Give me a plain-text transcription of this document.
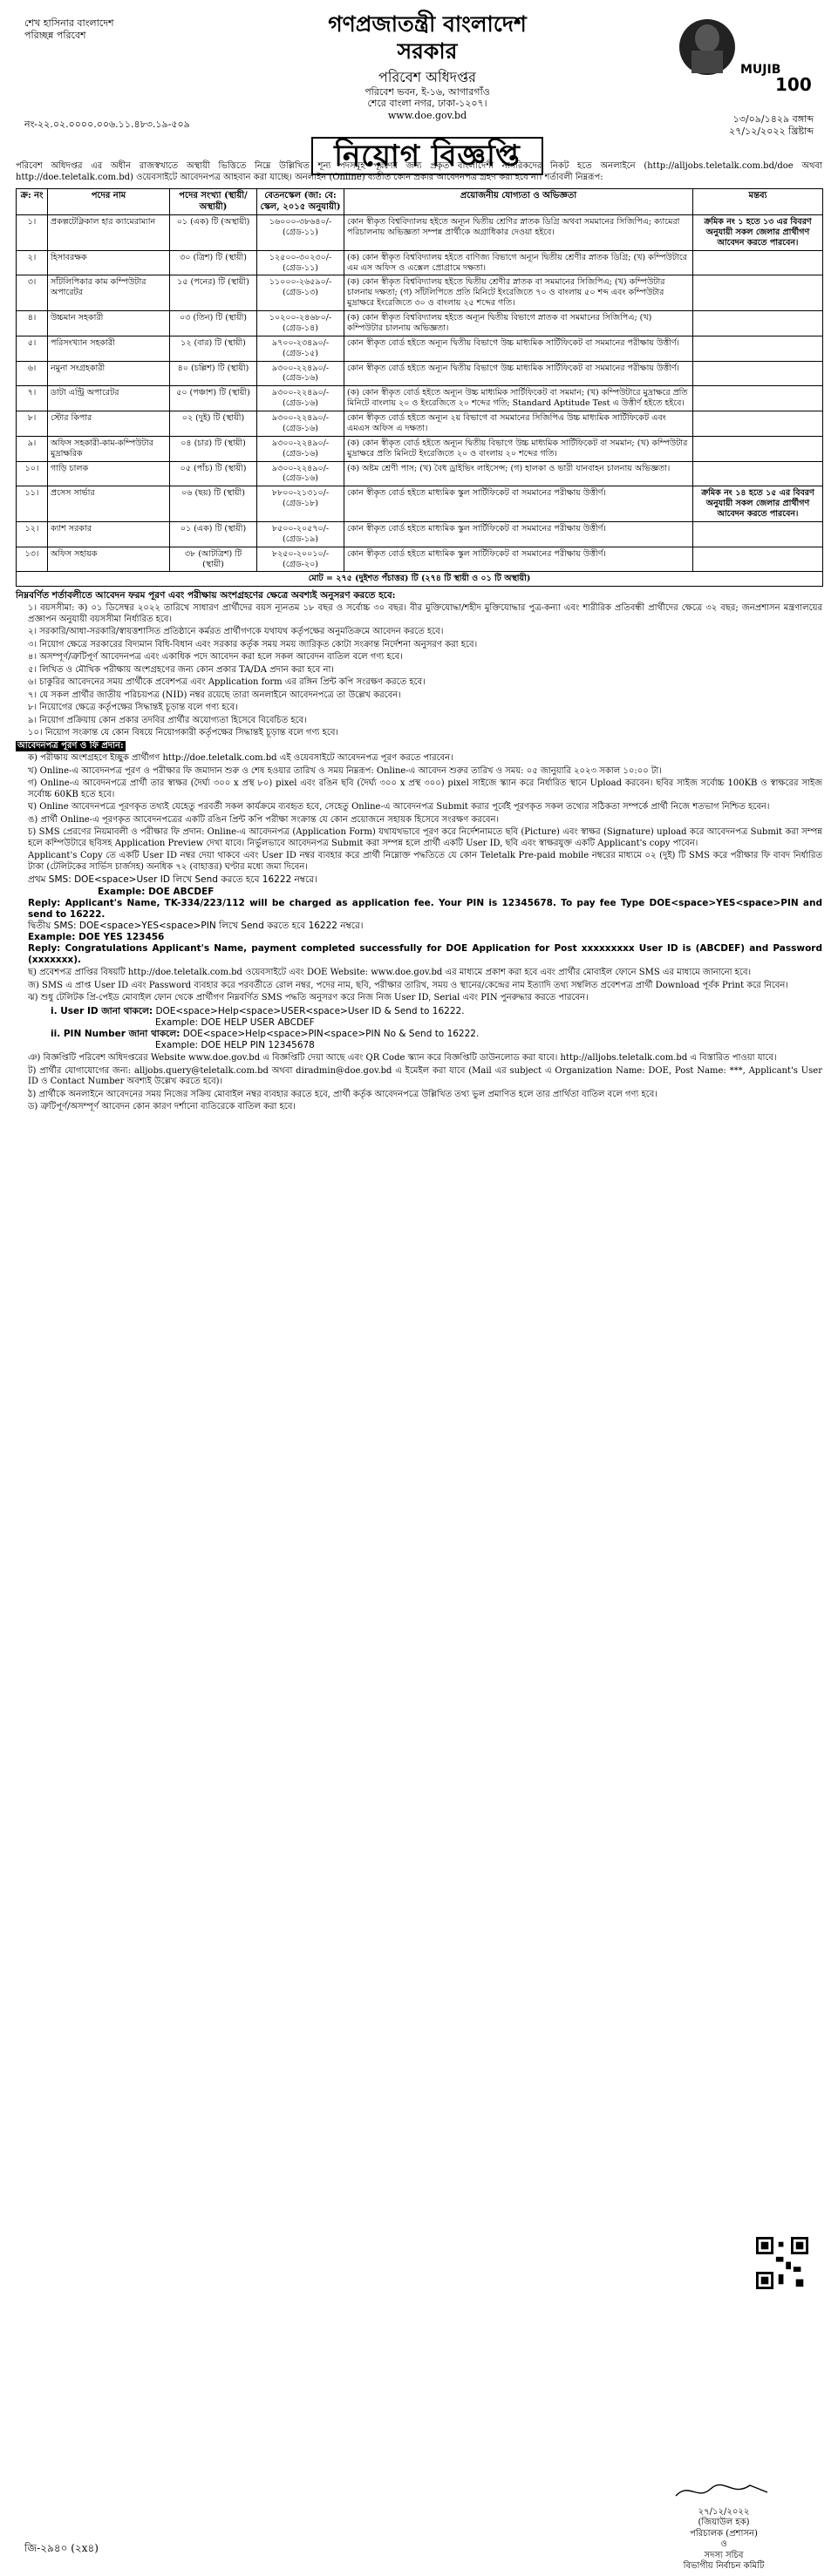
শেখ হাসিনার বাংলাদেশ
পরিচ্ছন্ন পরিবেশ	গণপ্রজাতন্ত্রী বাংলাদেশ সরকার
পরিবেশ অধিদপ্তর
পরিবেশ ভবন, ই-১৬, আগারগাঁও
শেরে বাংলা নগর, ঢাকা-১২০৭।
www.doe.gov.bd
MUJIB
100
নং-২২.০২.০০০০.০০৬.১১.৪৮৩.১৯-৫০৯	১৩/০৯/১৪২৯ বঙ্গাব্দ
২৭/১২/২০২২ খ্রিষ্টাব্দ
নিয়োগ বিজ্ঞপ্তি
পরিবেশ অধিদপ্তর এর অধীন রাজস্বখাতে অস্থায়ী ভিত্তিতে নিম্নে উল্লিখিত শূন্য পদসমূহ পূরণের জন্য প্রকৃত বাংলাদেশী নাগরিকদের নিকট হতে অনলাইনে (http://alljobs.teletalk.com.bd/doe অথবা http://doe.teletalk.com.bd) ওয়েবসাইটে আবেদনপত্র আহবান করা যাচ্ছে। অনলাইন (Online) ব্যতীত কোন প্রকার আবেদনপত্র গ্রহণ করা হবে না। শর্তাবলী নিম্নরূপ:
ক্র: নং	পদের নাম	পদের সংখ্যা (স্থায়ী/অস্থায়ী)	বেতনস্কেল (জা: বে: স্কেল, ২০১৫ অনুযায়ী)	প্রয়োজনীয় যোগ্যতা ও অভিজ্ঞতা	মন্তব্য
১।	প্রকল্পটেক্নিকাল হার ক্যামেরাম্যান	০১ (এক) টি (অস্থায়ী)	১৬০০০-৩৮৬৪০/- (গ্রেড-১১)	কোন স্বীকৃত বিশ্ববিদ্যালয় হইতে অন্যূন দ্বিতীয় শ্রেণির স্নাতক ডিগ্রি অথবা সমমানের সিজিপিএ; ক্যামেরা পরিচালনায় অভিজ্ঞতা সম্পন্ন প্রার্থীকে অগ্রাধিকার দেওয়া হইবে।	ক্রমিক নং ১ হতে ১৩ এর বিবরণ অনুযায়ী সকল জেলার প্রার্থীগণ আবেদন করতে পারবেন।
২।	হিসাবরক্ষক	৩০ (ত্রিশ) টি (স্থায়ী)	১২৫০০-৩০২৩০/- (গ্রেড-১১)	(ক) কোন স্বীকৃত বিশ্ববিদ্যালয় হইতে বাণিজ্য বিভাগে অন্যূন দ্বিতীয় শ্রেণীর স্নাতক ডিগ্রি; (খ) কম্পিউটারে এম এস অফিস ও এক্সেল প্রোগ্রামে দক্ষতা।	
৩।	সাঁটলিপিকার কাম কম্পিউটার অপারেটর	১৫ (পনের) টি (স্থায়ী)	১১০০০-২৬৫৯০/- (গ্রেড-১৩)	(ক) কোন স্বীকৃত বিশ্ববিদ্যালয় হইতে দ্বিতীয় শ্রেণীর স্নাতক বা সমমানের সিজিপিএ; (খ) কম্পিউটার চালনায় দক্ষতা; (গ) সাঁটলিপিতে প্রতি মিনিটে ইংরেজিতে ৭০ ও বাংলায় ৫০ শব্দ এবং কম্পিউটার মুদ্রাক্ষরে ইংরেজিতে ৩০ ও বাংলায় ২৫ শব্দের গতি।	
৪।	উচ্চমান সহকারী	০৩ (তিন) টি (স্থায়ী)	১০২০০-২৪৬৮০/- (গ্রেড-১৪)	(ক) কোন স্বীকৃত বিশ্ববিদ্যালয় হইতে অন্যূন দ্বিতীয় বিভাগে স্নাতক বা সমমানের সিজিপিএ; (খ) কম্পিউটার চালনায় অভিজ্ঞতা।	
৫।	পরিসংখ্যান সহকারী	১২ (বার) টি (স্থায়ী)	৯৭০০-২৩৪৯০/- (গ্রেড-১৫)	কোন স্বীকৃত বোর্ড হইতে অন্যূন দ্বিতীয় বিভাগে উচ্চ মাধ্যমিক সার্টিফিকেট বা সমমানের পরীক্ষায় উত্তীর্ণ।	
৬।	নমুনা সংগ্রহকারী	৪০ (চল্লিশ) টি (স্থায়ী)	৯৩০০-২২৪৯০/- (গ্রেড-১৬)	কোন স্বীকৃত বোর্ড হইতে অন্যূন দ্বিতীয় বিভাগে উচ্চ মাধ্যমিক সার্টিফিকেট বা সমমানের পরীক্ষায় উত্তীর্ণ।	
৭।	ডাটা এন্ট্রি অপারেটর	৫০ (পঞ্চাশ) টি (স্থায়ী)	৯৩০০-২২৪৯০/- (গ্রেড-১৬)	(ক) কোন স্বীকৃত বোর্ড হইতে অন্যূন উচ্চ মাধ্যমিক সার্টিফিকেট বা সমমান; (খ) কম্পিউটারে মুদ্রাক্ষরে প্রতি মিনিটে বাংলায় ২০ ও ইংরেজিতে ২০ শব্দের গতি; Standard Aptitude Test এ উত্তীর্ণ হইতে হইবে।	
৮।	স্টোর কিপার	০২ (দুই) টি (স্থায়ী)	৯৩০০-২২৪৯০/- (গ্রেড-১৬)	কোন স্বীকৃত বোর্ড হইতে অন্যূন ২য় বিভাগে বা সমমানের সিজিপিএ উচ্চ মাধ্যমিক সার্টিফিকেট এবং এমএস অফিস এ দক্ষতা।	
৯।	অফিস সহকারী-কাম-কম্পিউটার মুদ্রাক্ষরিক	০৪ (চার) টি (স্থায়ী)	৯৩০০-২২৪৯০/- (গ্রেড-১৬)	(ক) কোন স্বীকৃত বোর্ড হইতে অন্যূন দ্বিতীয় বিভাগে উচ্চ মাধ্যমিক সার্টিফিকেট বা সমমান; (খ) কম্পিউটার মুদ্রাক্ষরে প্রতি মিনিটে ইংরেজিতে ২০ ও বাংলায় ২০ শব্দের গতি।	
১০।	গাড়ি চালক	০৫ (পাঁচ) টি (স্থায়ী)	৯৩০০-২২৪৯০/- (গ্রেড-১৬)	(ক) অষ্টম শ্রেণী পাস; (খ) বৈধ ড্রাইভিং লাইসেন্স; (গ) হালকা ও ভারী যানবাহন চালনায় অভিজ্ঞতা।	
১১।	প্রসেস সার্ভার	০৬ (ছয়) টি (স্থায়ী)	৮৮০০-২১৩১০/- (গ্রেড-১৮)	কোন স্বীকৃত বোর্ড হইতে মাধ্যমিক স্কুল সার্টিফিকেট বা সমমানের পরীক্ষায় উত্তীর্ণ।	ক্রমিক নং ১৪ হতে ১৫ এর বিবরণ অনুযায়ী সকল জেলার প্রার্থীগণ আবেদন করতে পারবেন।
১২।	ক্যাশ সরকার	০১ (এক) টি (স্থায়ী)	৮৫০০-২০৫৭০/- (গ্রেড-১৯)	কোন স্বীকৃত বোর্ড হইতে মাধ্যমিক স্কুল সার্টিফিকেট বা সমমানের পরীক্ষায় উত্তীর্ণ।	
১৩।	অফিস সহায়ক	৩৮ (আটত্রিশ) টি (স্থায়ী)	৮২৫০-২০০১০/- (গ্রেড-২০)	কোন স্বীকৃত বোর্ড হইতে মাধ্যমিক স্কুল সার্টিফিকেট বা সমমানের পরীক্ষায় উত্তীর্ণ।	
মোট = ২৭৫ (দুইশত পঁচাত্তর) টি (২৭৪ টি স্থায়ী ও ০১ টি অস্থায়ী)					
নিম্নবর্ণিত শর্তাবলীতে আবেদন ফরম পূরণ এবং পরীক্ষায় অংশগ্রহণের ক্ষেত্রে অবশ্যই অনুসরণ করতে হবে:

১। বয়সসীমা: ক) ০১ ডিসেম্বর ২০২২ তারিখে সাধারণ প্রার্থীদের বয়স ন্যূনতম ১৮ বছর ও সর্বোচ্চ ৩০ বছর। বীর মুক্তিযোদ্ধা/শহীদ মুক্তিযোদ্ধার পুত্র-কন্যা এবং শারীরিক প্রতিবন্ধী প্রার্থীদের ক্ষেত্রে ৩২ বছর; জনপ্রশাসন মন্ত্রণালয়ের প্রজ্ঞাপন অনুযায়ী বয়সসীমা নির্ধারিত হবে।

২। সরকারি/আধা-সরকারি/স্বায়ত্তশাসিত প্রতিষ্ঠানে কর্মরত প্রার্থীগণকে যথাযথ কর্তৃপক্ষের অনুমতিক্রমে আবেদন করতে হবে।

৩। নিয়োগ ক্ষেত্রে সরকারের বিদ্যমান বিধি-বিধান এবং সরকার কর্তৃক সময় সময় জারিকৃত কোটা সংক্রান্ত নির্দেশনা অনুসরণ করা হবে।

৪। অসম্পূর্ণ/ত্রুটিপূর্ণ আবেদনপত্র এবং একাধিক পদে আবেদন করা হলে সকল আবেদন বাতিল বলে গণ্য হবে।

৫। লিখিত ও মৌখিক পরীক্ষায় অংশগ্রহণের জন্য কোন প্রকার TA/DA প্রদান করা হবে না।

৬। চাকুরির আবেদনের সময় প্রার্থীকে প্রবেশপত্র এবং Application form এর রঙ্গিন প্রিন্ট কপি সংরক্ষণ করতে হবে।

৭। যে সকল প্রার্থীর জাতীয় পরিচয়পত্র (NID) নম্বর রয়েছে তারা অনলাইনে আবেদনপত্রে তা উল্লেখ করবেন।

৮। নিয়োগের ক্ষেত্রে কর্তৃপক্ষের সিদ্ধান্তই চূড়ান্ত বলে গণ্য হবে।

৯। নিয়োগ প্রক্রিয়ায় কোন প্রকার তদবির প্রার্থীর অযোগ্যতা হিসেবে বিবেচিত হবে।

১০। নিয়োগ সংক্রান্ত যে কোন বিষয়ে নিয়োগকারী কর্তৃপক্ষের সিদ্ধান্তই চূড়ান্ত বলে গণ্য হবে।

আবেদনপত্র পূরণ ও ফি প্রদান:

ক) পরীক্ষায় অংশগ্রহণে ইচ্ছুক প্রার্থীগণ http://doe.teletalk.com.bd এই ওয়েবসাইটে আবেদনপত্র পূরণ করতে পারবেন।

খ) Online-এ আবেদনপত্র পূরণ ও পরীক্ষার ফি জমাদান শুরু ও শেষ হওয়ার তারিখ ও সময় নিম্নরূপ: Online-এ আবেদন শুরুর তারিখ ও সময়: ০৫ জানুয়ারি ২০২৩ সকাল ১০:০০ টা।

গ) Online-এ আবেদনপত্রে প্রার্থী তার স্বাক্ষর (দৈর্ঘ্য ৩০০ x প্রস্থ ৮০) pixel এবং রঙিন ছবি (দৈর্ঘ্য ৩০০ x প্রস্থ ৩০০) pixel সাইজে স্ক্যান করে নির্ধারিত স্থানে Upload করবেন। ছবির সাইজ সর্বোচ্চ 100KB ও স্বাক্ষরের সাইজ সর্বোচ্চ 60KB হতে হবে।

ঘ) Online আবেদনপত্রে পূরণকৃত তথ্যই যেহেতু পরবর্তী সকল কার্যক্রমে ব্যবহৃত হবে, সেহেতু Online-এ আবেদনপত্র Submit করার পূর্বেই পূরণকৃত সকল তথ্যের সঠিকতা সম্পর্কে প্রার্থী নিজে শতভাগ নিশ্চিত হবেন।

ঙ) প্রার্থী Online-এ পূরণকৃত আবেদনপত্রের একটি রঙিন প্রিন্ট কপি পরীক্ষা সংক্রান্ত যে কোন প্রয়োজনে সহায়ক হিসেবে সংরক্ষণ করবেন।

চ) SMS প্রেরণের নিয়মাবলী ও পরীক্ষার ফি প্রদান: Online-এ আবেদনপত্র (Application Form) যথাযথভাবে পূরণ করে নির্দেশনামতে ছবি (Picture) এবং স্বাক্ষর (Signature) upload করে আবেদনপত্র Submit করা সম্পন্ন হলে কম্পিউটারে ছবিসহ Application Preview দেখা যাবে। নির্ভুলভাবে আবেদনপত্র Submit করা সম্পন্ন হলে প্রার্থী একটি User ID, ছবি এবং স্বাক্ষরযুক্ত একটি Applicant's copy পাবেন।

Applicant's Copy তে একটি User ID নম্বর দেয়া থাকবে এবং User ID নম্বর ব্যবহার করে প্রার্থী নিম্নোক্ত পদ্ধতিতে যে কোন Teletalk Pre-paid mobile নম্বরের মাধ্যমে ০২ (দুই) টি SMS করে পরীক্ষার ফি বাবদ নির্ধারিত টাকা (টেলিটকের সার্ভিস চার্জসহ) অনধিক ৭২ (বাহাত্তর) ঘণ্টার মধ্যে জমা দিবেন।

প্রথম SMS: DOE<space>User ID লিখে Send করতে হবে 16222 নম্বরে।
Example: DOE ABCDEF
Reply: Applicant's Name, TK-334/223/112 will be charged as application fee. Your PIN is 12345678. To pay fee Type DOE<space>YES<space>PIN and send to 16222.
দ্বিতীয় SMS: DOE<space>YES<space>PIN লিখে Send করতে হবে 16222 নম্বরে।
Example: DOE YES 123456
Reply: Congratulations Applicant's Name, payment completed successfully for DOE Application for Post xxxxxxxxx User ID is (ABCDEF) and Password (xxxxxxx).

ছ) প্রবেশপত্র প্রাপ্তির বিষয়টি http://doe.teletalk.com.bd ওয়েবসাইটে এবং DOE Website: www.doe.gov.bd এর মাধ্যমে প্রকাশ করা হবে এবং প্রার্থীর মোবাইল ফোনে SMS এর মাধ্যমে জানানো হবে।

জ) SMS এ প্রাপ্ত User ID এবং Password ব্যবহার করে পরবর্তীতে রোল নম্বর, পদের নাম, ছবি, পরীক্ষার তারিখ, সময় ও স্থানের/কেন্দ্রের নাম ইত্যাদি তথ্য সম্বলিত প্রবেশপত্র প্রার্থী Download পূর্বক Print করে নিবেন।

ঝ) শুধু টেলিটক প্রি-পেইড মোবাইল ফোন থেকে প্রার্থীগণ নিম্নবর্ণিত SMS পদ্ধতি অনুসরণ করে নিজ নিজ User ID, Serial এবং PIN পুনরুদ্ধার করতে পারবেন।

i. User ID জানা থাকলে: DOE<space>Help<space>USER<space>User ID & Send to 16222.
Example: DOE HELP USER ABCDEF
ii. PIN Number জানা থাকলে: DOE<space>Help<space>PIN<space>PIN No & Send to 16222.
Example: DOE HELP PIN 12345678

ঞ) বিজ্ঞপ্তিটি পরিবেশ অধিদপ্তরের Website www.doe.gov.bd এ বিজ্ঞপ্তিটি দেয়া আছে এবং QR Code স্ক্যান করে বিজ্ঞপ্তিটি ডাউনলোড করা যাবে। http://alljobs.teletalk.com.bd এ বিস্তারিত পাওয়া যাবে।

ট) প্রার্থীর যোগাযোগের জন্য: alljobs.query@teletalk.com.bd অথবা diradmin@doe.gov.bd এ ইমেইল করা যাবে (Mail এর subject এ Organization Name: DOE, Post Name: ***, Applicant's User ID ও Contact Number অবশ্যই উল্লেখ করতে হবে)।

ঠ) প্রার্থীকে অনলাইনে আবেদনের সময় নিজের সক্রিয় মোবাইল নম্বর ব্যবহার করতে হবে, প্রার্থী কর্তৃক আবেদনপত্রে উল্লিখিত তথ্য ভুল প্রমাণিত হলে তার প্রার্থিতা বাতিল বলে গণ্য হবে।

ড) ত্রুটিপূর্ণ/অসম্পূর্ণ আবেদন কোন কারণ দর্শানো ব্যতিরেকে বাতিল করা হবে।

২৭/১২/২০২২
(জিয়াউল হক)
পরিচালক (প্রশাসন)
ও
সদস্য সচিব
বিভাগীয় নির্বাচন কমিটি
জি-২৯৪০ (২x৪)
